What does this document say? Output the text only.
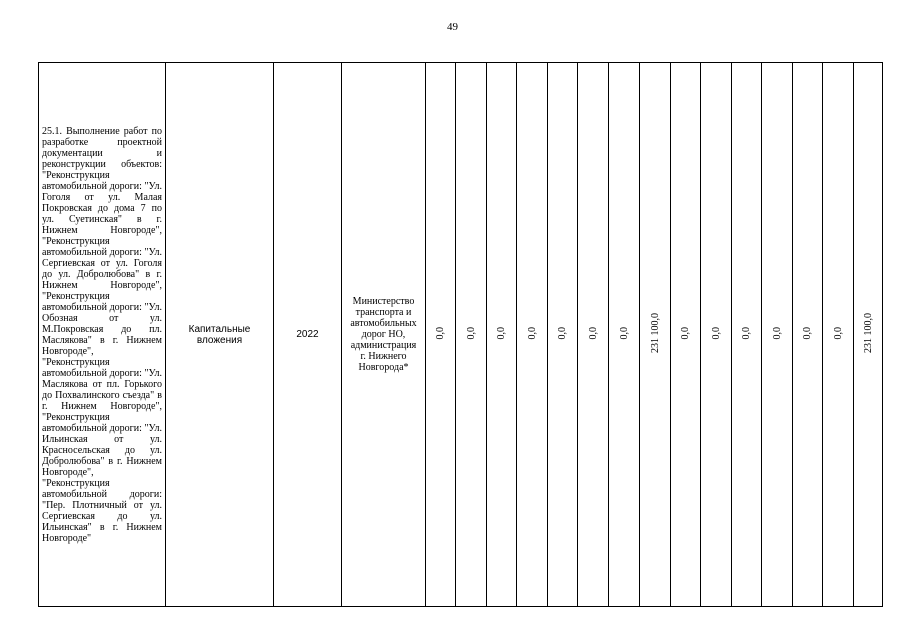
49
25.1. Выполнение работ по разработке проектной документации и реконструкции объектов: "Реконструкция автомобильной дороги: "Ул. Гоголя от ул. Малая Покровская до дома 7 по ул. Суетинская" в г. Нижнем Новгороде", "Реконструкция автомобильной дороги: "Ул. Сергиевская от ул. Гоголя до ул. Добролюбова" в г. Нижнем Новгороде", "Реконструкция автомобильной дороги: "Ул. Обозная от ул. М.Покровская до пл. Маслякова" в г. Нижнем Новгороде", "Реконструкция автомобильной дороги: "Ул. Маслякова от пл. Горького до Похвалинского съезда" в г. Нижнем Новгороде", "Реконструкция автомобильной дороги: "Ул. Ильинская от ул. Красносельская до ул. Добролюбова" в г. Нижнем Новгороде", "Реконструкция автомобильной дороги: "Пер. Плотничный от ул. Сергиевская до ул. Ильинская" в г. Нижнем Новгороде"	Капитальные вложения	2022	Министерство транспорта и автомобильных дорог НО, администрация г. Нижнего Новгорода*	0,0	0,0	0,0	0,0	0,0	0,0	0,0	231 100,0	0,0	0,0	0,0	0,0	0,0	0,0	231 100,0
